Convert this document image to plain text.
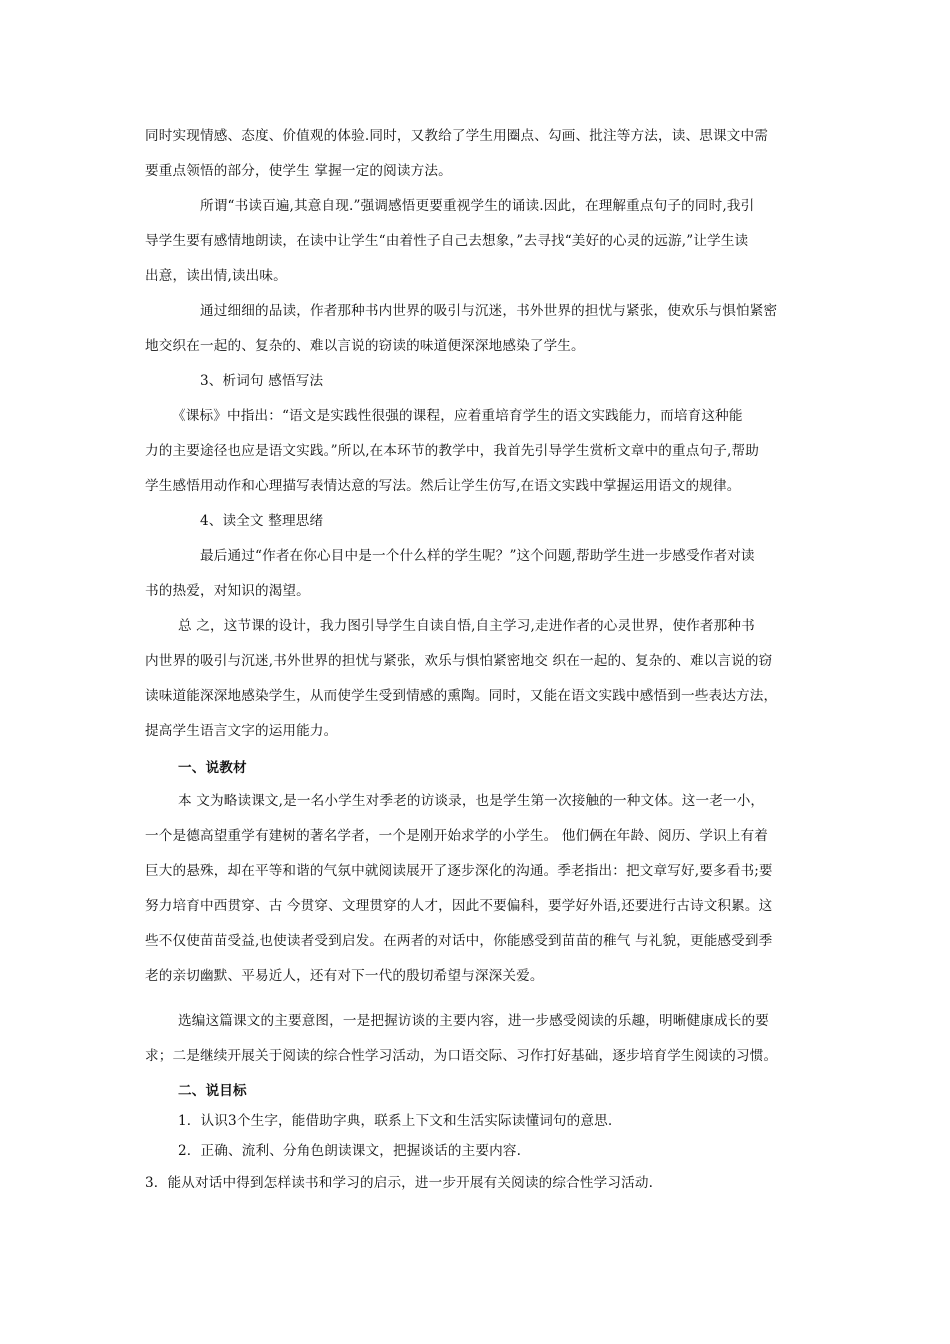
同时实现情感、态度、价值观的体验.同时，又教给了学生用圈点、勾画、批注等方法，读、思课文中需
要重点领悟的部分，使学生 掌握一定的阅读方法。
所谓“书读百遍,其意自现.”强调感悟更要重视学生的诵读.因此，在理解重点句子的同时,我引
导学生要有感情地朗读，在读中让学生“由着性子自己去想象，”去寻找“美好的心灵的远游,”让学生读
出意，读出情,读出味。
通过细细的品读，作者那种书内世界的吸引与沉迷，书外世界的担忧与紧张，使欢乐与惧怕紧密
地交织在一起的、复杂的、难以言说的窃读的味道便深深地感染了学生。
3、析词句 感悟写法
《课标》中指出：“语文是实践性很强的课程，应着重培育学生的语文实践能力，而培育这种能
力的主要途径也应是语文实践。”所以,在本环节的教学中，我首先引导学生赏析文章中的重点句子,帮助
学生感悟用动作和心理描写表情达意的写法。然后让学生仿写,在语文实践中掌握运用语文的规律。
4、读全文 整理思绪
最后通过“作者在你心目中是一个什么样的学生呢？”这个问题,帮助学生进一步感受作者对读
书的热爱，对知识的渴望。
总 之，这节课的设计，我力图引导学生自读自悟,自主学习,走进作者的心灵世界，使作者那种书
内世界的吸引与沉迷,书外世界的担忧与紧张，欢乐与惧怕紧密地交 织在一起的、复杂的、难以言说的窃
读味道能深深地感染学生，从而使学生受到情感的熏陶。同时，又能在语文实践中感悟到一些表达方法，
提高学生语言文字的运用能力。
一、说教材
本 文为略读课文,是一名小学生对季老的访谈录，也是学生第一次接触的一种文体。这一老一小，
一个是德高望重学有建树的著名学者，一个是刚开始求学的小学生。 他们俩在年龄、阅历、学识上有着
巨大的悬殊，却在平等和谐的气氛中就阅读展开了逐步深化的沟通。季老指出：把文章写好,要多看书;要
努力培育中西贯穿、古 今贯穿、文理贯穿的人才，因此不要偏科，要学好外语,还要进行古诗文积累。这
些不仅使苗苗受益,也使读者受到启发。在两者的对话中，你能感受到苗苗的稚气 与礼貌，更能感受到季
老的亲切幽默、平易近人，还有对下一代的殷切希望与深深关爱。
选编这篇课文的主要意图，一是把握访谈的主要内容，进一步感受阅读的乐趣，明晰健康成长的要
求；二是继续开展关于阅读的综合性学习活动，为口语交际、习作打好基础，逐步培育学生阅读的习惯。
二、说目标
1．认识3个生字，能借助字典，联系上下文和生活实际读懂词句的意思.
2．正确、流利、分角色朗读课文，把握谈话的主要内容.
3．能从对话中得到怎样读书和学习的启示，进一步开展有关阅读的综合性学习活动.
